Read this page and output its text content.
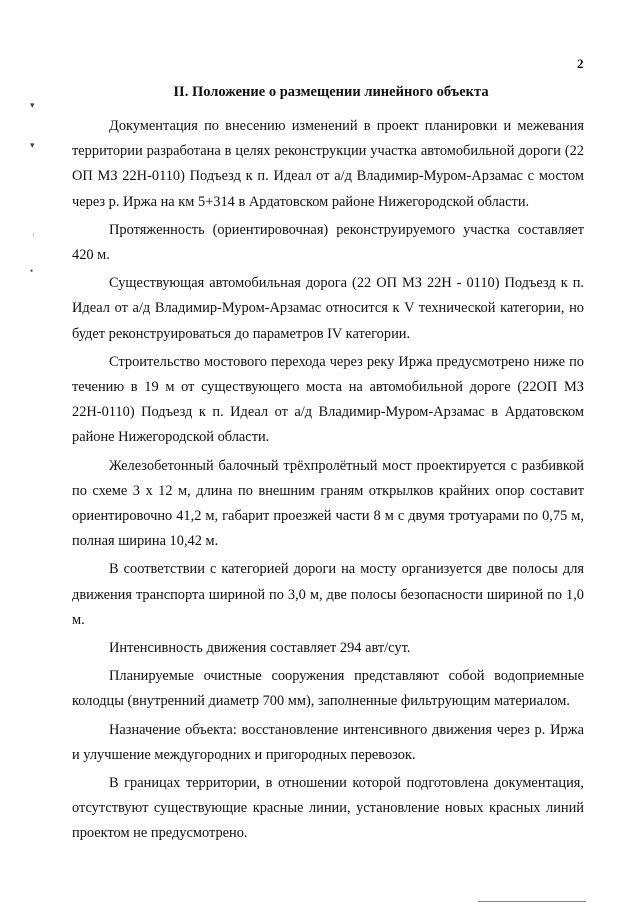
2
II. Положение о размещении линейного объекта

Документация по внесению изменений в проект планировки и межевания территории разработана в целях реконструкции участка автомобильной дороги (22 ОП МЗ 22Н-0110) Подъезд к п. Идеал от а/д Владимир-Муром-Арзамас с мостом через р. Иржа на км 5+314 в Ардатовском районе Нижегородской области.

Протяженность (ориентировочная) реконструируемого участка составляет 420 м.

Существующая автомобильная дорога (22 ОП МЗ 22Н - 0110) Подъезд к п. Идеал от а/д Владимир-Муром-Арзамас относится к V технической категории, но будет реконструироваться до параметров IV категории.

Строительство мостового перехода через реку Иржа предусмотрено ниже по течению в 19 м от существующего моста на автомобильной дороге (22ОП МЗ 22Н-0110) Подъезд к п. Идеал от а/д Владимир-Муром-Арзамас в Ардатовском районе Нижегородской области.

Железобетонный балочный трёхпролётный мост проектируется с разбивкой по схеме 3 х 12 м, длина по внешним граням открылков крайних опор составит ориентировочно 41,2 м, габарит проезжей части 8 м с двумя тротуарами по 0,75 м, полная ширина 10,42 м.

В соответствии с категорией дороги на мосту организуется две полосы для движения транспорта шириной по 3,0 м, две полосы безопасности шириной по 1,0 м.

Интенсивность движения составляет 294 авт/сут.

Планируемые очистные сооружения представляют собой водоприемные колодцы (внутренний диаметр 700 мм), заполненные фильтрующим материалом.

Назначение объекта: восстановление интенсивного движения через р. Иржа и улучшение междугородних и пригородных перевозок.

В границах территории, в отношении которой подготовлена документация, отсутствуют существующие красные линии, установление новых красных линий проектом не предусмотрено.

▾
▾
·
•
